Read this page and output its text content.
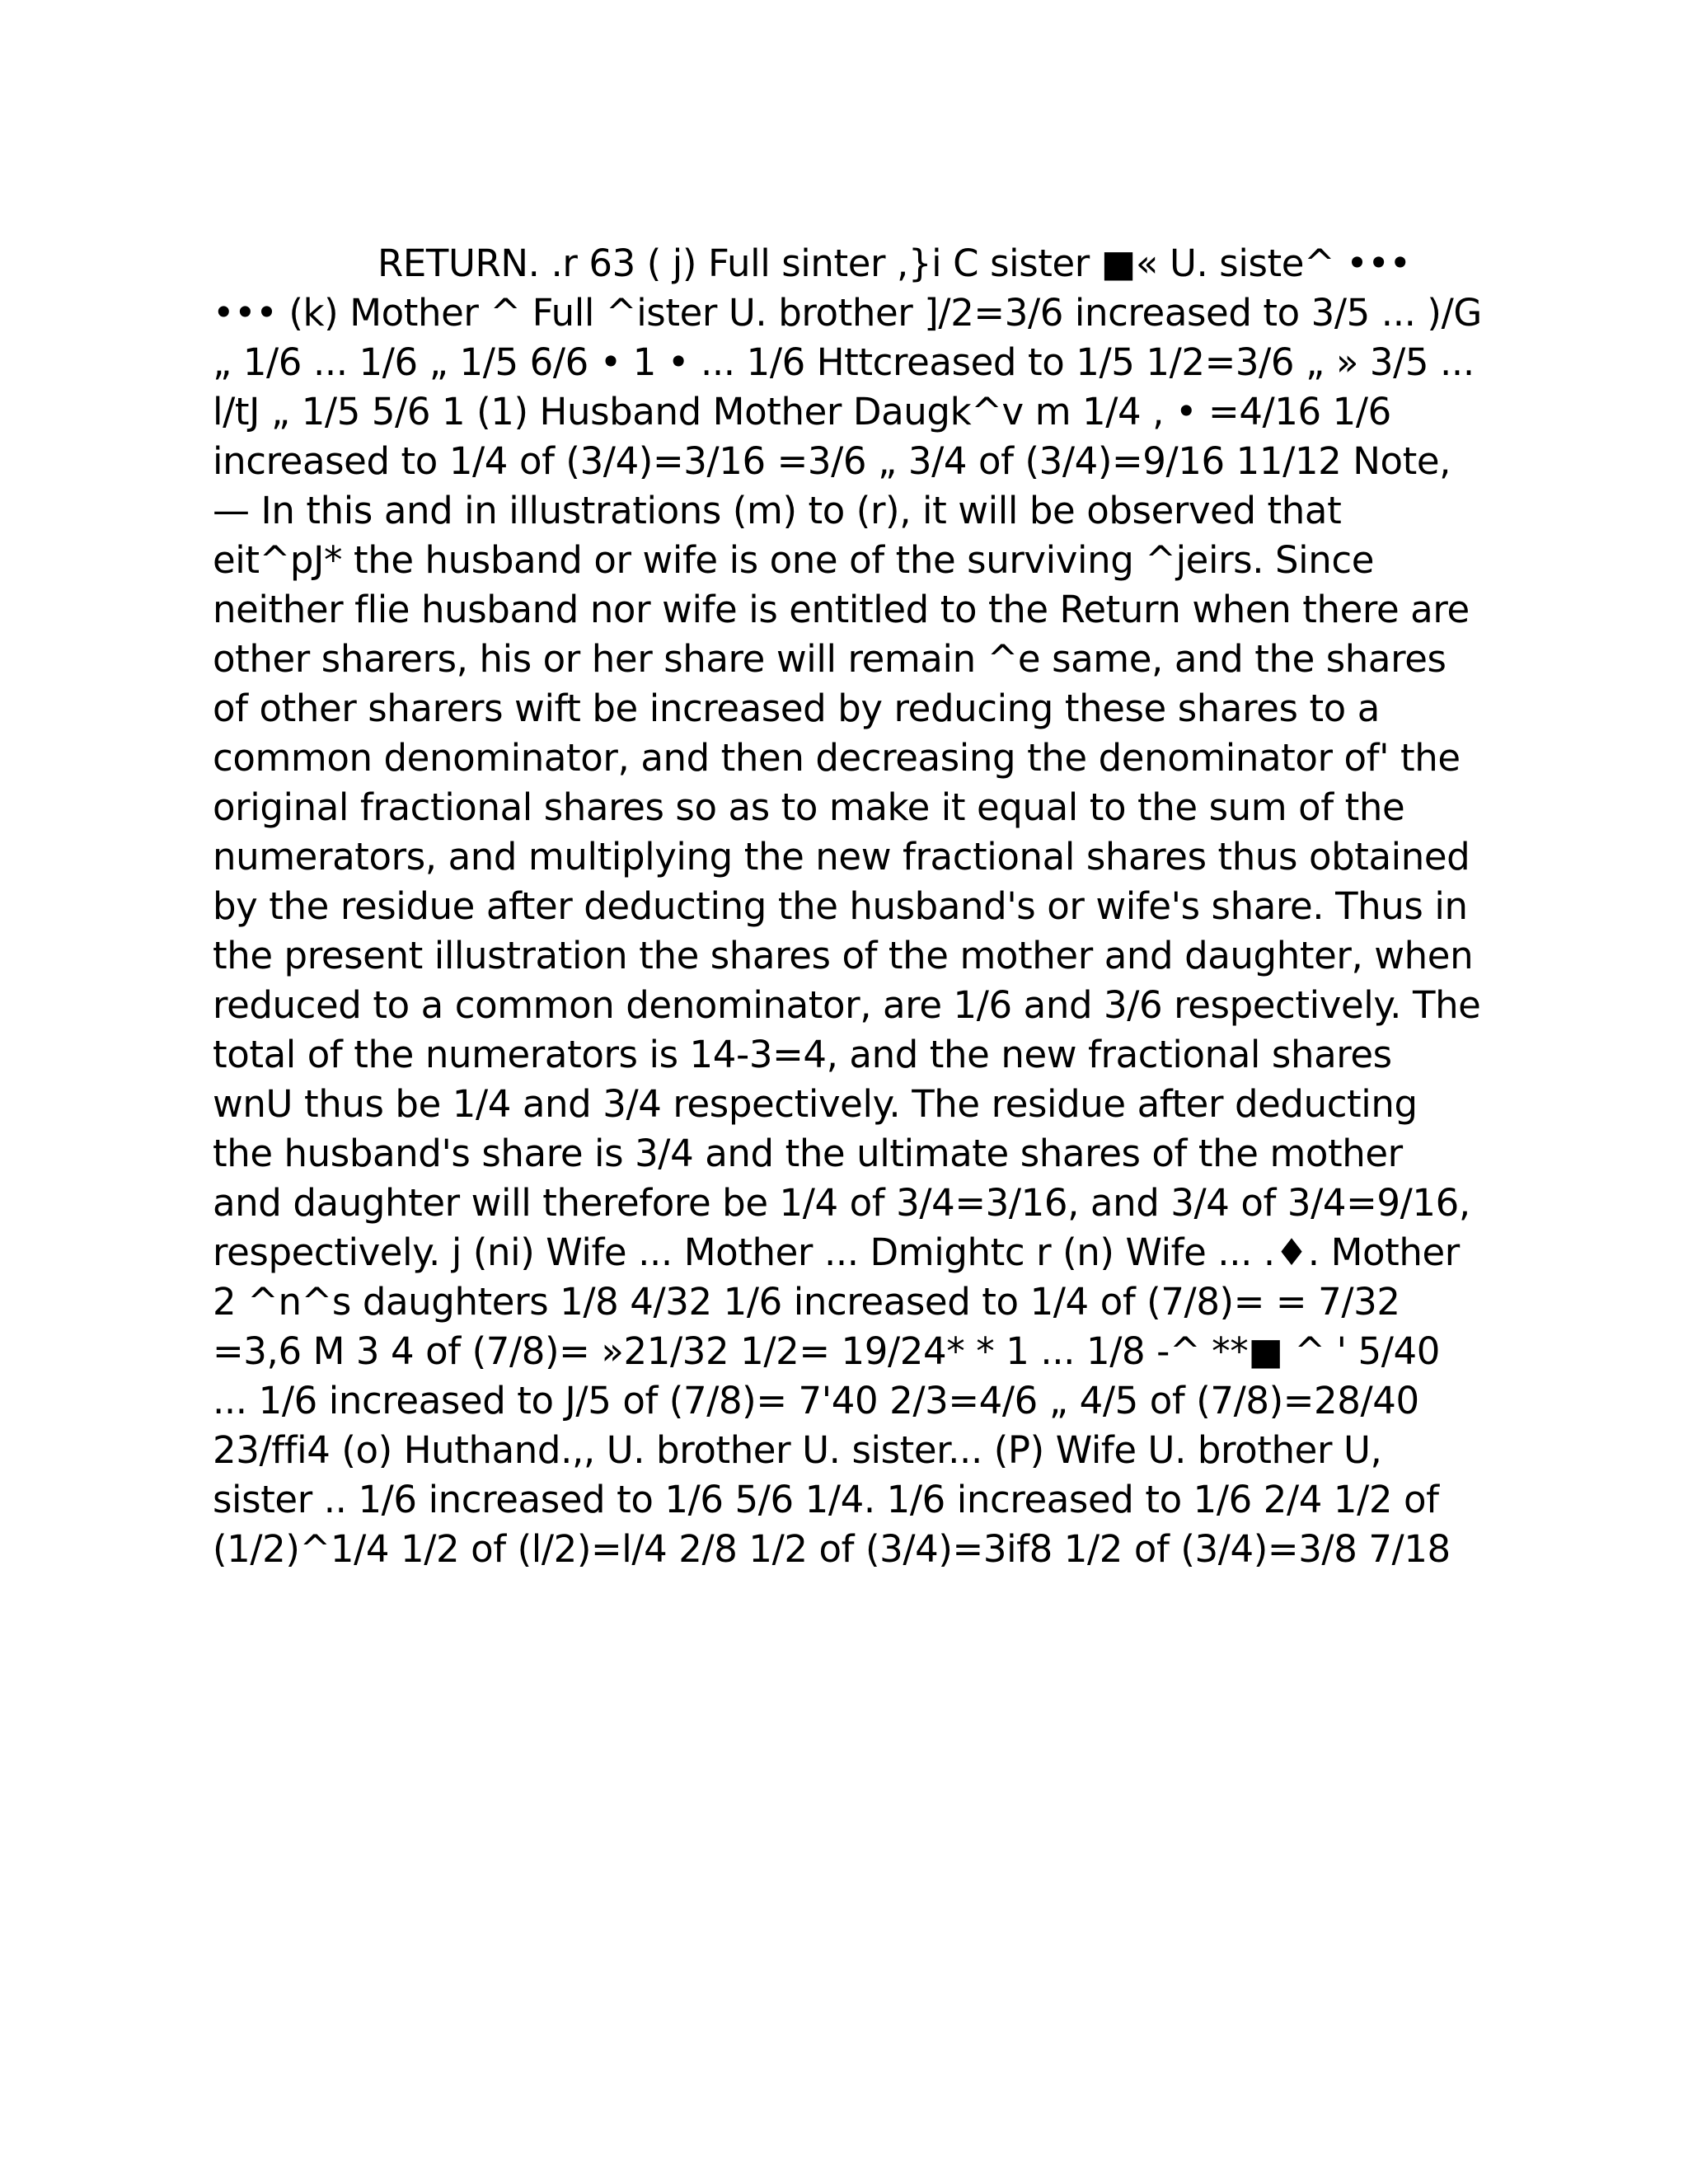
RETURN. .r 63 ( j) Full sinter ,}i C sister ■« U. siste^ ••• ••• (k) Mother ^ Full ^ister U. brother ]/2=3/6 increased to 3/5 ... )/G „ 1/6 ... 1/6 „ 1/5 6/6 • 1 • ... 1/6 Httcreased to 1/5 1/2=3/6 „ » 3/5 ... l/tJ „ 1/5 5/6 1 (1) Husband Mother Daugk^v m 1/4 , • =4/16 1/6 increased to 1/4 of (3/4)=3/16 =3/6 „ 3/4 of (3/4)=9/16 11/12 Note, — In this and in illustrations (m) to (r), it will be observed that eit^pJ* the husband or wife is one of the surviving ^jeirs. Since neither flie husband nor wife is entitled to the Return when there are other sharers, his or her share will remain ^e same, and the shares of other sharers wift be increased by reducing these shares to a common denominator, and then decreasing the denominator of' the original fractional shares so as to make it equal to the sum of the numerators, and multiplying the new fractional shares thus obtained by the residue after deducting the husband's or wife's share. Thus in the present illustration the shares of the mother and daughter, when reduced to a common denominator, are 1/6 and 3/6 respectively. The total of the numerators is 14-3=4, and the new fractional shares wnU thus be 1/4 and 3/4 respectively. The residue after deducting the husband's share is 3/4 and the ultimate shares of the mother and daughter will therefore be 1/4 of 3/4=3/16, and 3/4 of 3/4=9/16, respectively. j (ni) Wife ... Mother ... Dmightc r (n) Wife ... .♦. Mother 2 ^n^s daughters 1/8 4/32 1/6 increased to 1/4 of (7/8)= = 7/32 =3,6 M 3 4 of (7/8)= »21/32 1/2= 19/24* * 1 ... 1/8 -^ **■ ^ ' 5/40 ... 1/6 increased to J/5 of (7/8)= 7'40 2/3=4/6 „ 4/5 of (7/8)=28/40 23/ffi4 (o) Huthand.,, U. brother U. sister... (P) Wife U. brother U, sister .. 1/6 increased to 1/6 5/6 1/4. 1/6 increased to 1/6 2/4 1/2 of (1/2)^1/4 1/2 of (l/2)=l/4 2/8 1/2 of (3/4)=3if8 1/2 of (3/4)=3/8 7/18
